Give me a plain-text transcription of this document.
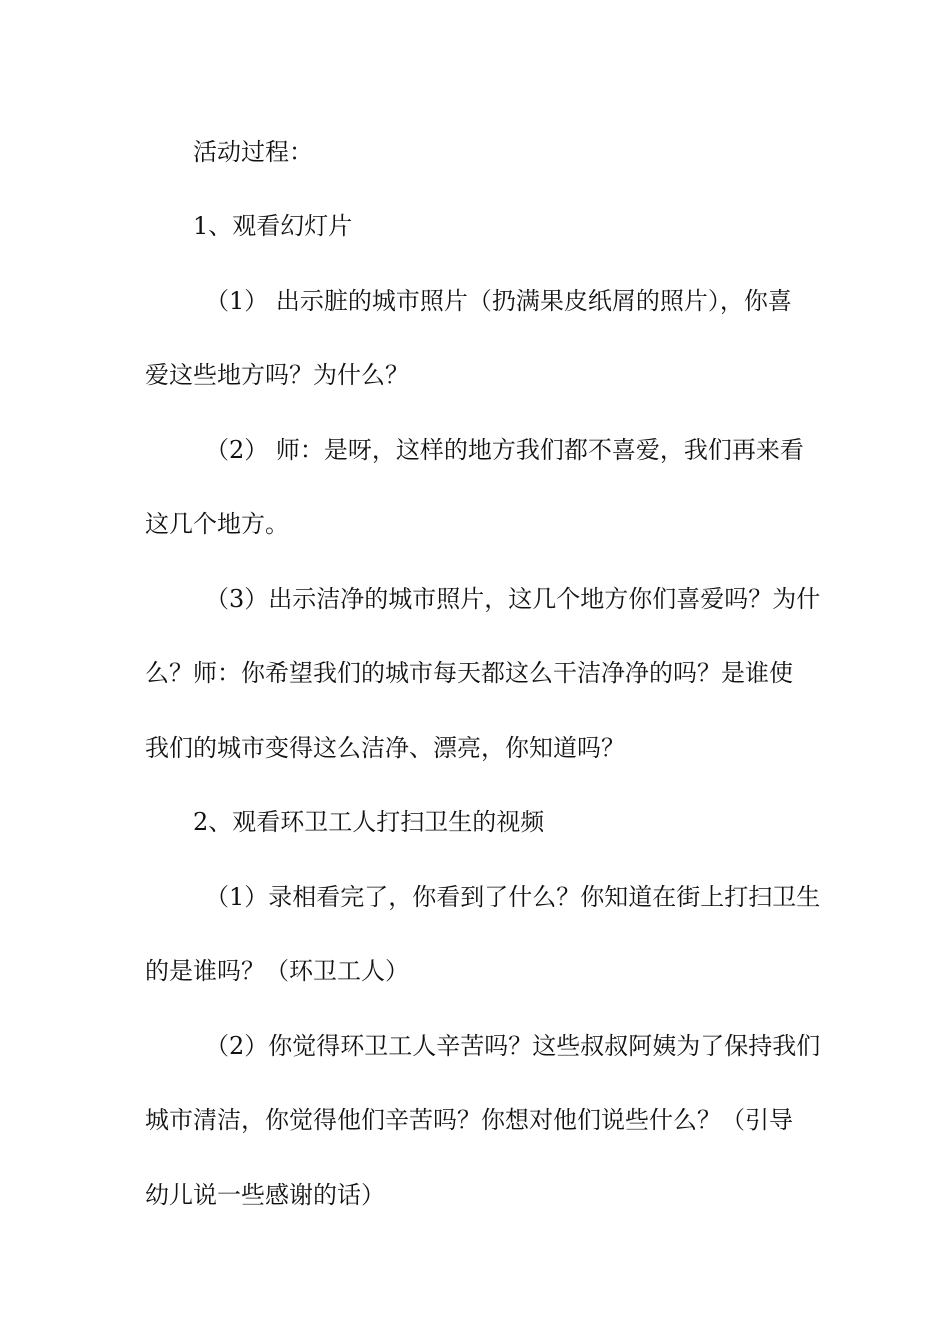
活动过程：

1、观看幻灯片

（1） 出示脏的城市照片（扔满果皮纸屑的照片），你喜

爱这些地方吗？为什么？

（2） 师：是呀，这样的地方我们都不喜爱，我们再来看

这几个地方。

（3）出示洁净的城市照片，这几个地方你们喜爱吗？为什

么？师：你希望我们的城市每天都这么干洁净净的吗？是谁使

我们的城市变得这么洁净、漂亮，你知道吗？

2、观看环卫工人打扫卫生的视频

（1）录相看完了，你看到了什么？你知道在街上打扫卫生

的是谁吗？（环卫工人）

（2）你觉得环卫工人辛苦吗？这些叔叔阿姨为了保持我们

城市清洁，你觉得他们辛苦吗？你想对他们说些什么？（引导

幼儿说一些感谢的话）
